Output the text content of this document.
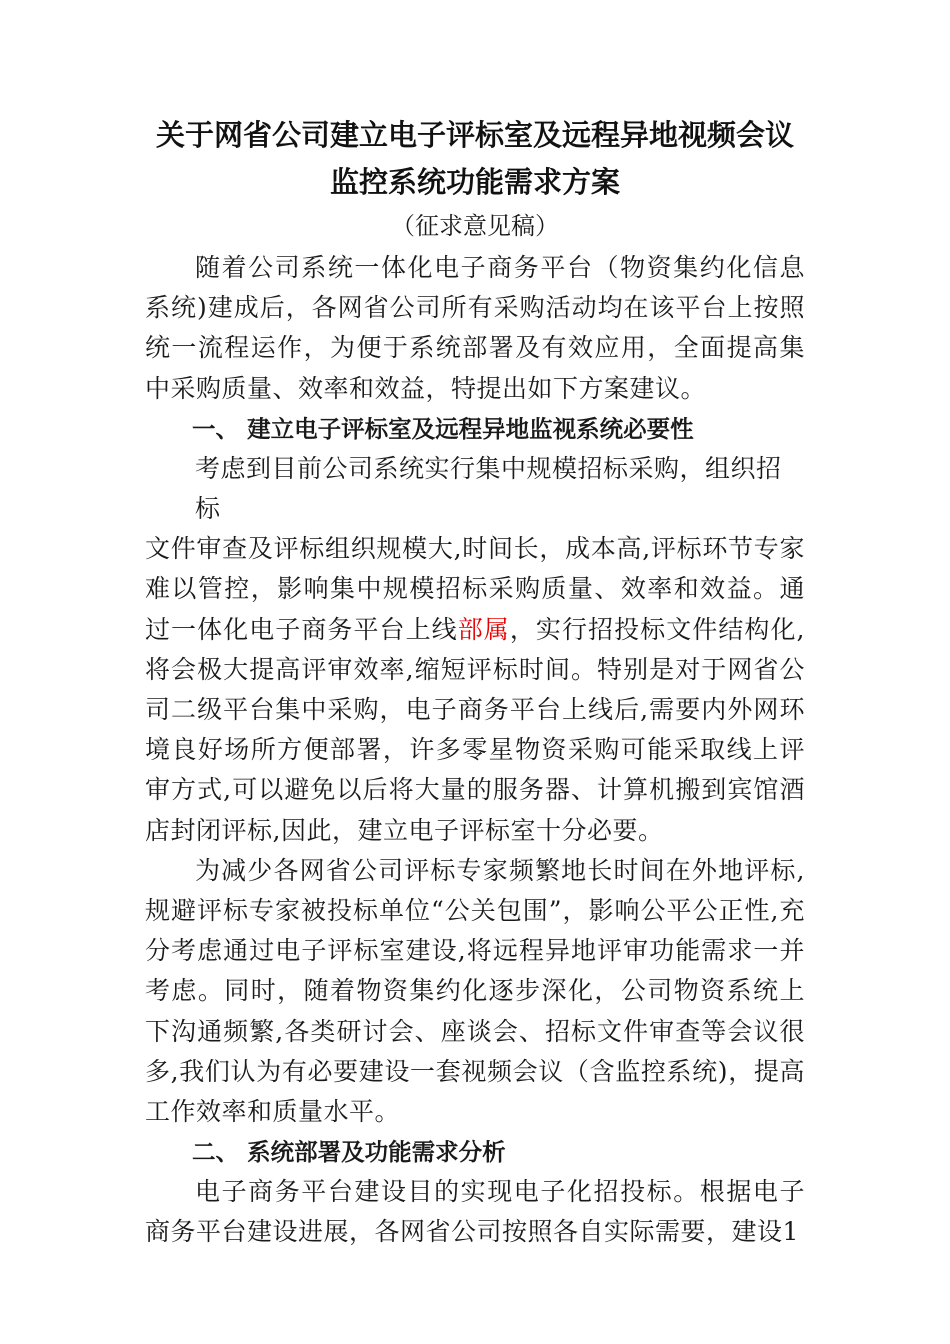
关于网省公司建立电子评标室及远程异地视频会议
监控系统功能需求方案
（征求意见稿）

随着公司系统一体化电子商务平台（物资集约化信息系统)建成后，各网省公司所有采购活动均在该平台上按照统一流程运作，为便于系统部署及有效应用，全面提高集中采购质量、效率和效益，特提出如下方案建议。

一、 建立电子评标室及远程异地监视系统必要性

考虑到目前公司系统实行集中规模招标采购，组织招

标

文件审查及评标组织规模大,时间长，成本高,评标环节专家难以管控，影响集中规模招标采购质量、效率和效益。通过一体化电子商务平台上线部属，实行招投标文件结构化,将会极大提高评审效率,缩短评标时间。特别是对于网省公司二级平台集中采购，电子商务平台上线后,需要内外网环境良好场所方便部署，许多零星物资采购可能采取线上评审方式,可以避免以后将大量的服务器、计算机搬到宾馆酒店封闭评标,因此，建立电子评标室十分必要。

为减少各网省公司评标专家频繁地长时间在外地评标,规避评标专家被投标单位“公关包围”，影响公平公正性,充分考虑通过电子评标室建设,将远程异地评审功能需求一并考虑。同时，随着物资集约化逐步深化，公司物资系统上下沟通频繁,各类研讨会、座谈会、招标文件审查等会议很多,我们认为有必要建设一套视频会议（含监控系统)，提高工作效率和质量水平。

二、 系统部署及功能需求分析

电子商务平台建设目的实现电子化招投标。根据电子商务平台建设进展，各网省公司按照各自实际需要，建设1
